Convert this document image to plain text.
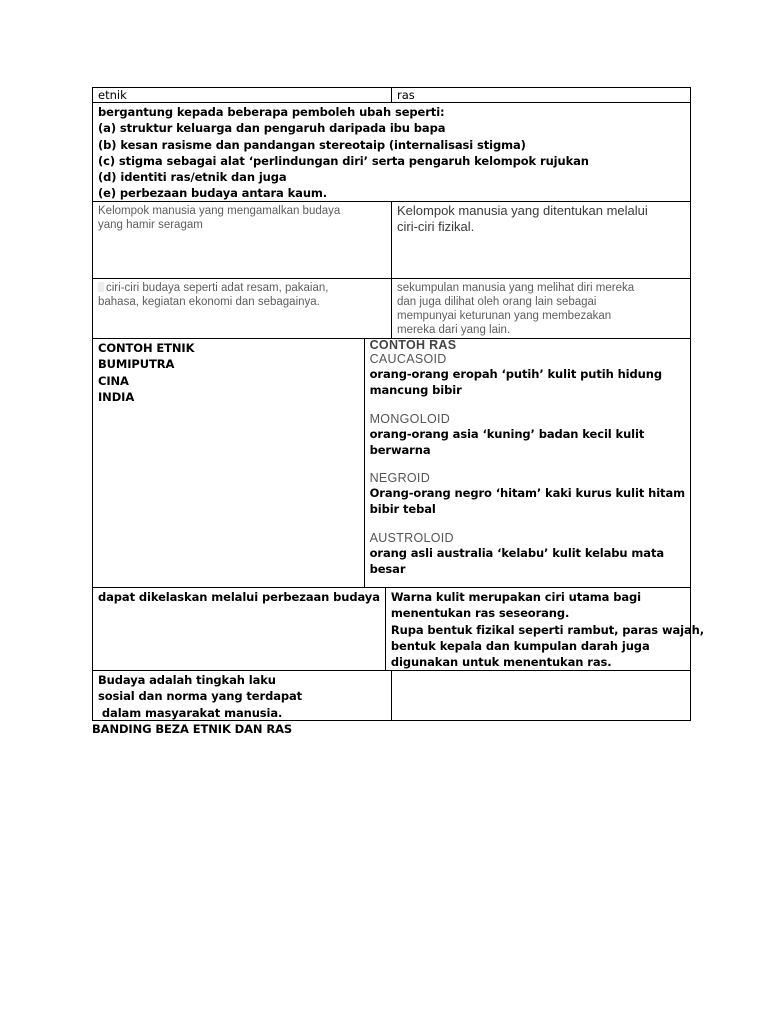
etnik	ras
bergantung kepada beberapa pemboleh ubah seperti:
(a) struktur keluarga dan pengaruh daripada ibu bapa
(b) kesan rasisme dan pandangan stereotaip (internalisasi stigma)
(c) stigma sebagai alat ‘perlindungan diri’ serta pengaruh kelompok rujukan
(d) identiti ras/etnik dan juga
(e) perbezaan budaya antara kaum.
Kelompok manusia yang mengamalkan budaya
yang hamir seragam
Kelompok manusia yang ditentukan melalui
ciri-ciri fizikal.
ciri-ciri budaya seperti adat resam, pakaian,
bahasa, kegiatan ekonomi dan sebagainya.
sekumpulan manusia yang melihat diri mereka
dan juga dilihat oleh orang lain sebagai
mempunyai keturunan yang membezakan
mereka dari yang lain.
CONTOH ETNIK
BUMIPUTRA
CINA
INDIA
CONTOH RAS
CAUCASOID
orang-orang eropah ‘putih’ kulit putih hidung
mancung bibir
MONGOLOID
orang-orang asia ‘kuning’ badan kecil kulit
berwarna
NEGROID
Orang-orang negro ‘hitam’ kaki kurus kulit hitam
bibir tebal
AUSTROLOID
orang asli australia ‘kelabu’ kulit kelabu mata
besar
dapat dikelaskan melalui perbezaan budaya Warna kulit merupakan ciri utama bagi
menentukan ras seseorang.
Rupa bentuk fizikal seperti rambut, paras wajah,
bentuk kepala dan kumpulan darah juga
digunakan untuk menentukan ras.
Budaya adalah tingkah laku
sosial dan norma yang terdapat
dalam masyarakat manusia.
BANDING BEZA ETNIK DAN RAS
